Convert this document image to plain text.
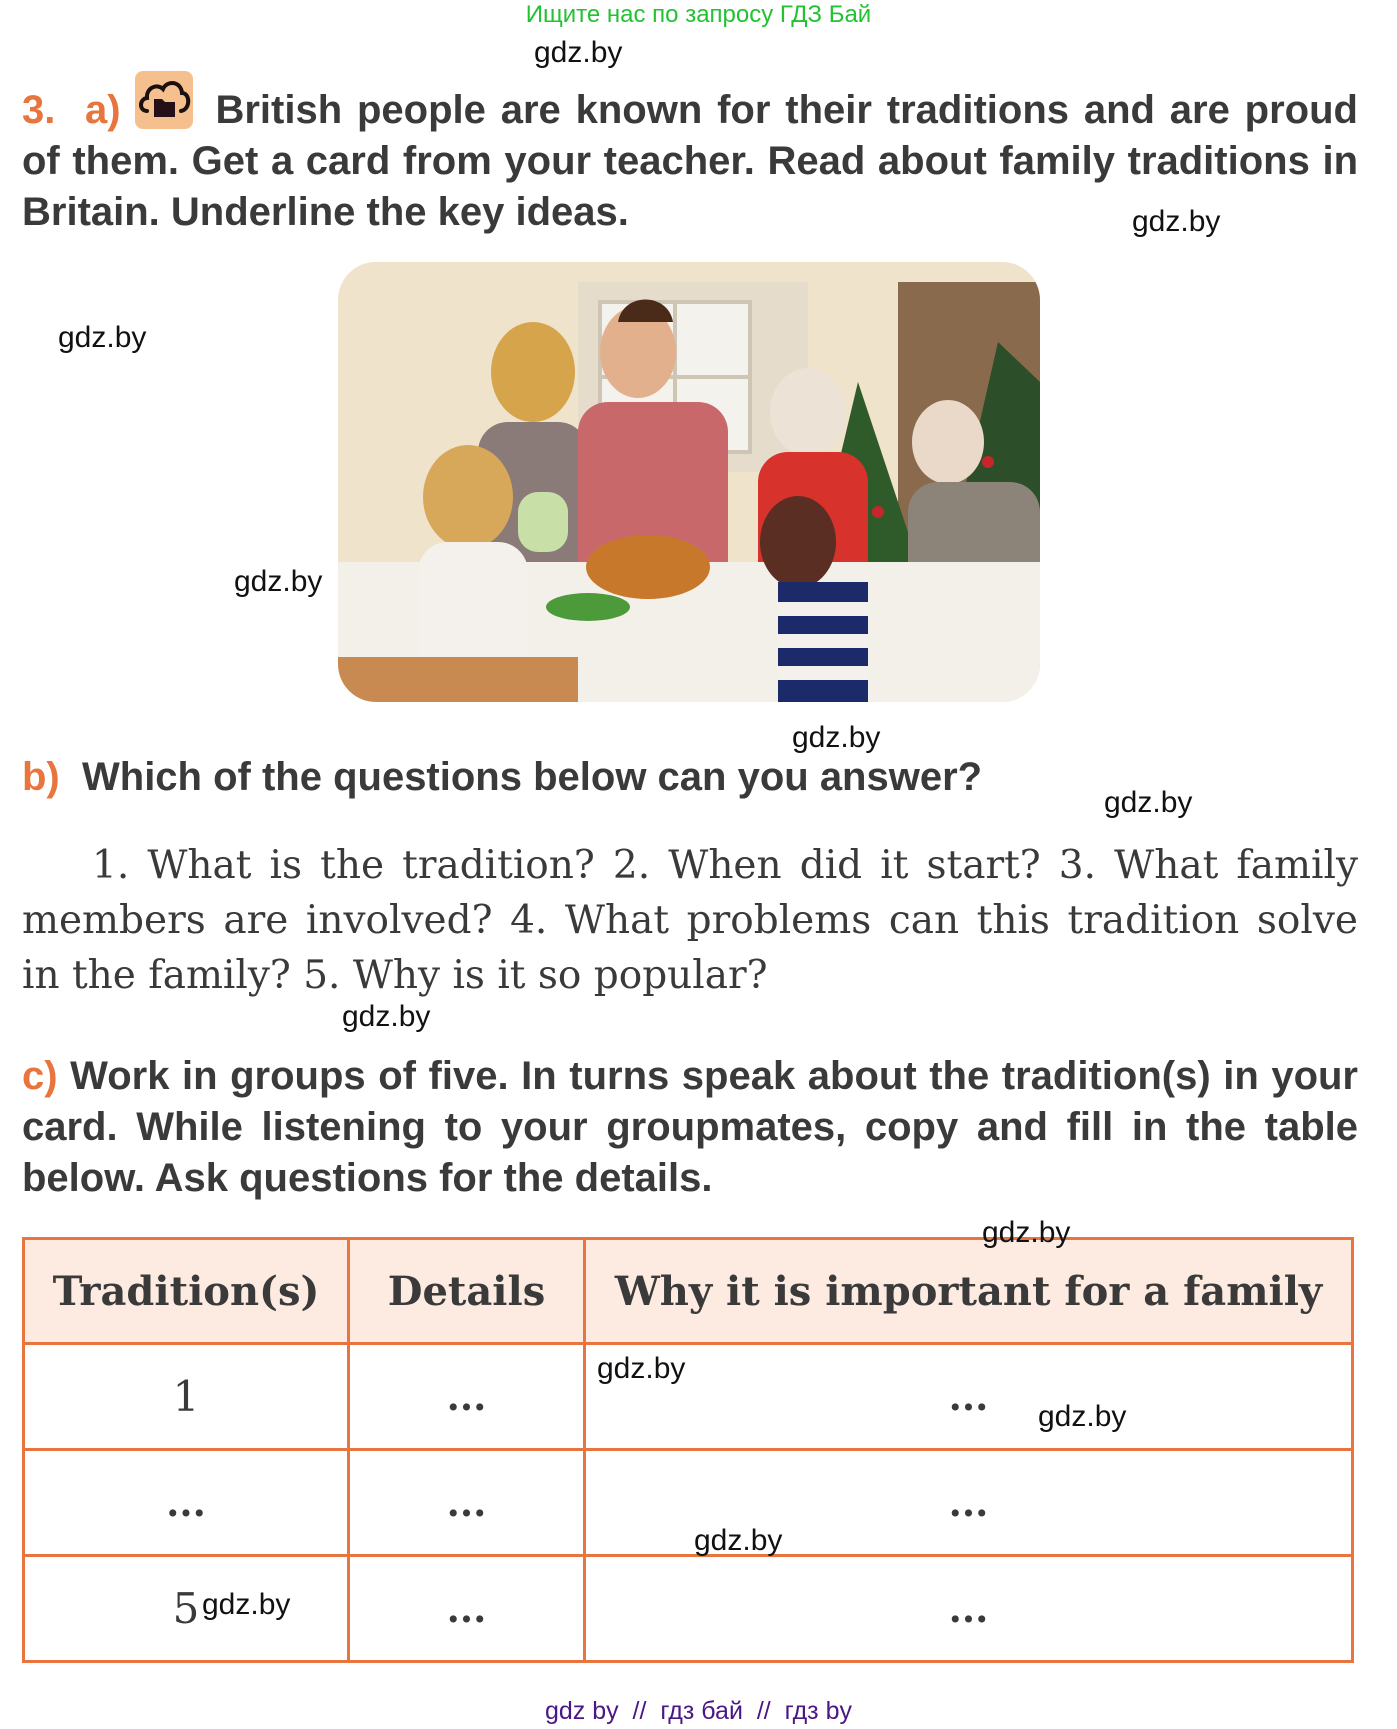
Ищите нас по запросу ГДЗ Бай
gdz.by
gdz.by
gdz.by
gdz.by
gdz.by
gdz.by
gdz.by
3. a) British people are known for their traditions and are proud of them. Get a card from your teacher. Read about family traditions in Britain. Underline the key ideas.
b) Which of the questions below can you answer?
1. What is the tradition? 2. When did it start? 3. What family members are involved? 4. What problems can this tradition solve in the family? 5. Why is it so popular?
c) Work in groups of five. In turns speak about the tradition(s) in your card. While listening to your groupmates, copy and fill in the table below. Ask questions for the details.
Tradition(s)	Details	Why it is important for a family
1	...	...
...	...	...
5	...	...
gdz.by
gdz.by
gdz.by
gdz.by
gdz.by
gdz by  //  гдз бай  //  гдз by
